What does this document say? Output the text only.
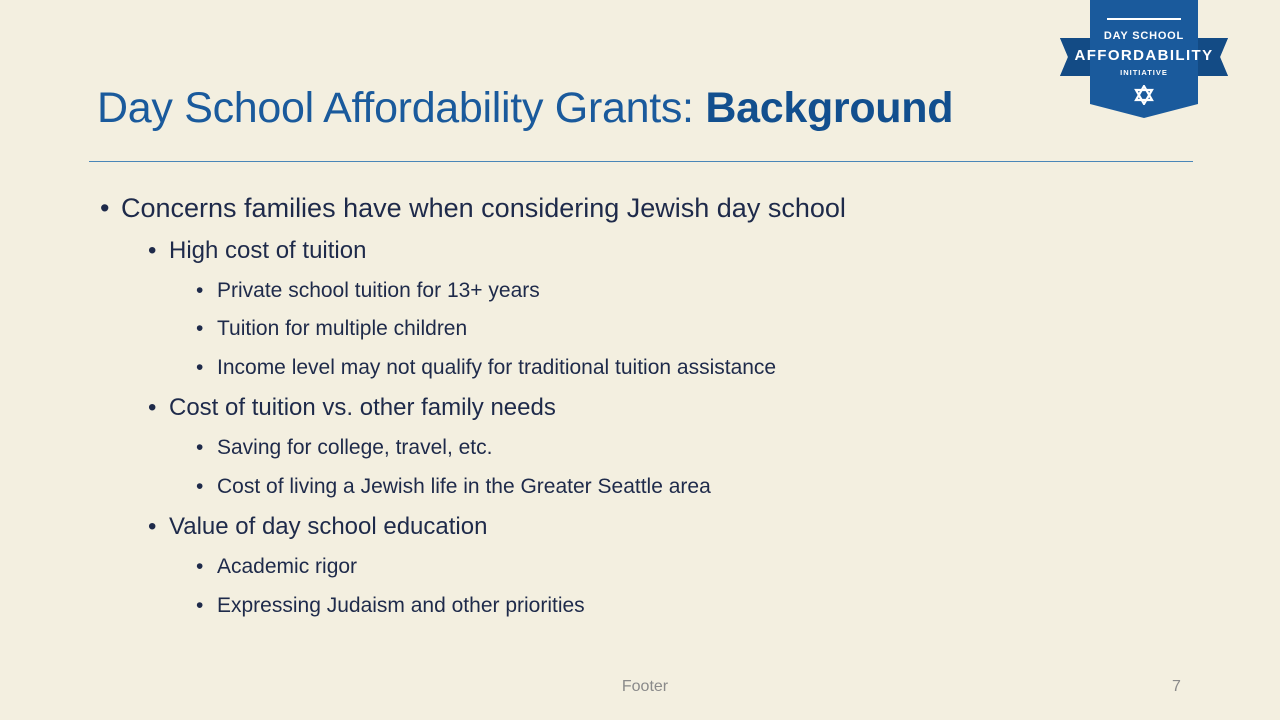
Day School Affordability Grants: Background
DAY SCHOOL
AFFORDABILITY
INITIATIVE
• Concerns families have when considering Jewish day school
• High cost of tuition
• Private school tuition for 13+ years
• Tuition for multiple children
• Income level may not qualify for traditional tuition assistance
• Cost of tuition vs. other family needs
• Saving for college, travel, etc.
• Cost of living a Jewish life in the Greater Seattle area
• Value of day school education
• Academic rigor
• Expressing Judaism and other priorities
Footer	7
